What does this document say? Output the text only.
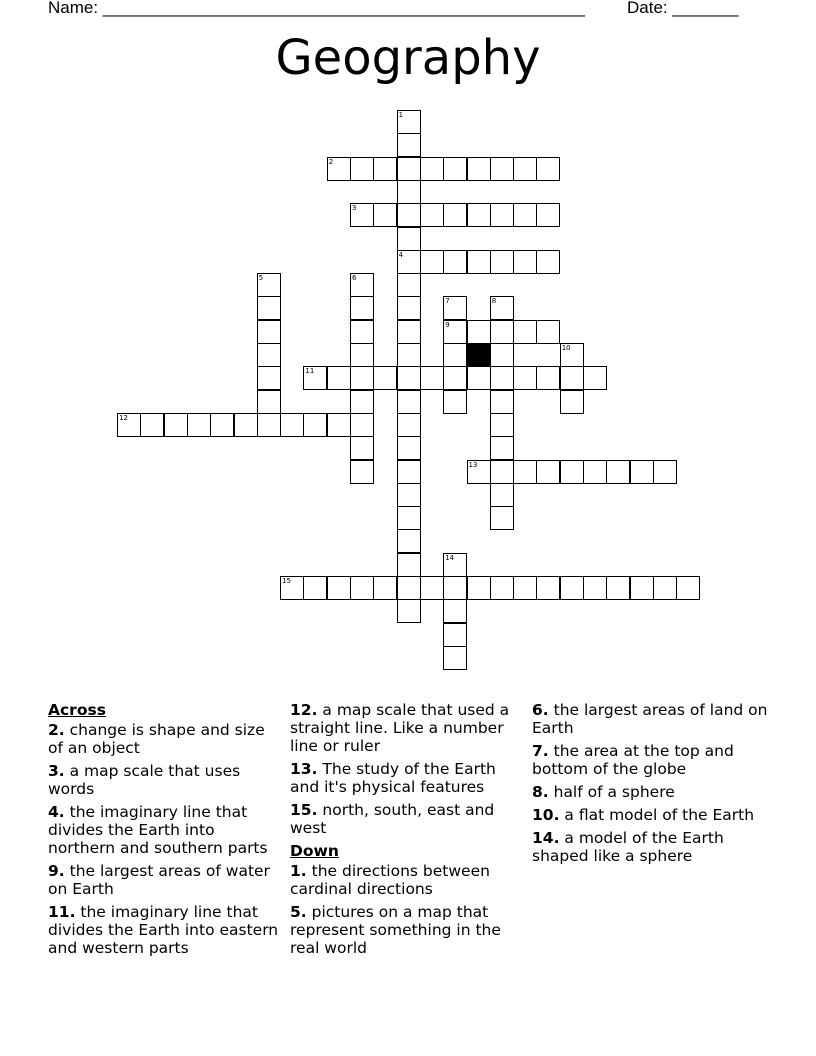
Name: ___________________________________________________ Date: _______
Geography
1
4
2
3
5	6
7
9
8
10
11
12
13
14
15
Across
2. change is shape and size of an object
3. a map scale that uses words
4. the imaginary line that divides the Earth into northern and southern parts
9. the largest areas of water on Earth
11. the imaginary line that divides the Earth into eastern and western parts
12. a map scale that used a straight line. Like a number line or ruler
13. The study of the Earth and it's physical features
15. north, south, east and west
Down
1. the directions between cardinal directions
5. pictures on a map that represent something in the real world
6. the largest areas of land on Earth
7. the area at the top and bottom of the globe
8. half of a sphere
10. a flat model of the Earth
14. a model of the Earth shaped like a sphere
